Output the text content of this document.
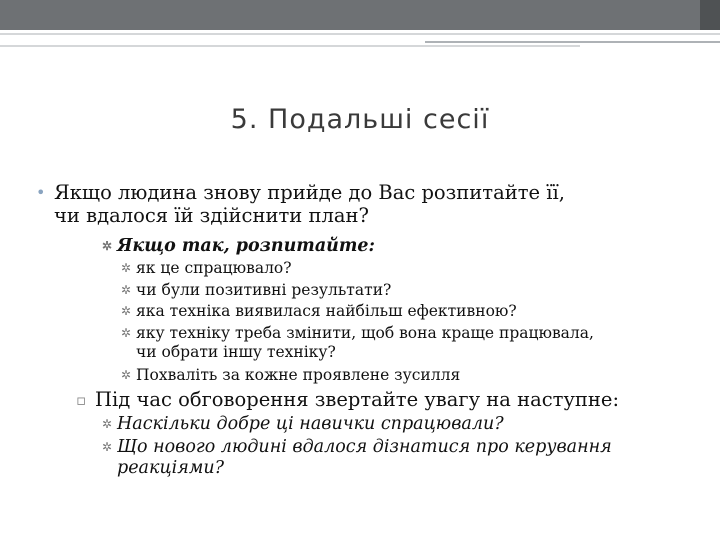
5. Подальші сесії
• Якщо людина знову прийде до Вас розпитайте її,
чи вдалося їй здійснити план?
✲ Якщо так, розпитайте:
✲ як це спрацювало?
✲ чи були позитивні результати?
✲ яка техніка виявилася найбільш ефективною?
✲ яку техніку треба змінити, щоб вона краще працювала,
чи обрати іншу техніку?
✲ Похваліть за кожне проявлене зусилля
▫ Під час обговорення звертайте увагу на наступне:
✲ Наскільки добре ці навички спрацювали?
✲ Що нового людині вдалося дізнатися про керування
реакціями?
